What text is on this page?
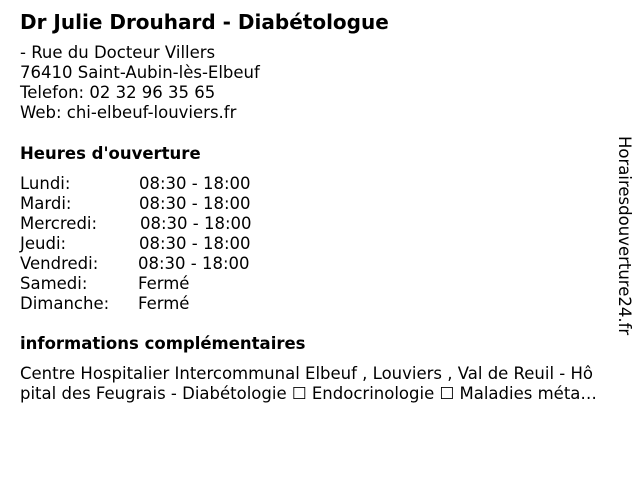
Dr Julie Drouhard - Diabétologue
- Rue du Docteur Villers
76410 Saint-Aubin-lès-Elbeuf
Telefon: 02 32 96 35 65
Web: chi-elbeuf-louviers.fr
Heures d'ouverture
Lundi:	08:30 - 18:00
Mardi:	08:30 - 18:00
Mercredi:	08:30 - 18:00
Jeudi:	08:30 - 18:00
Vendredi: 08:30 - 18:00
Samedi:	Fermé
Dimanche: Fermé
informations complémentaires
Centre Hospitalier Intercommunal Elbeuf , Louviers , Val de Reuil - Hô
pital des Feugrais - Diabétologie ☐ Endocrinologie ☐ Maladies méta…
Horairesdouverture24.fr
